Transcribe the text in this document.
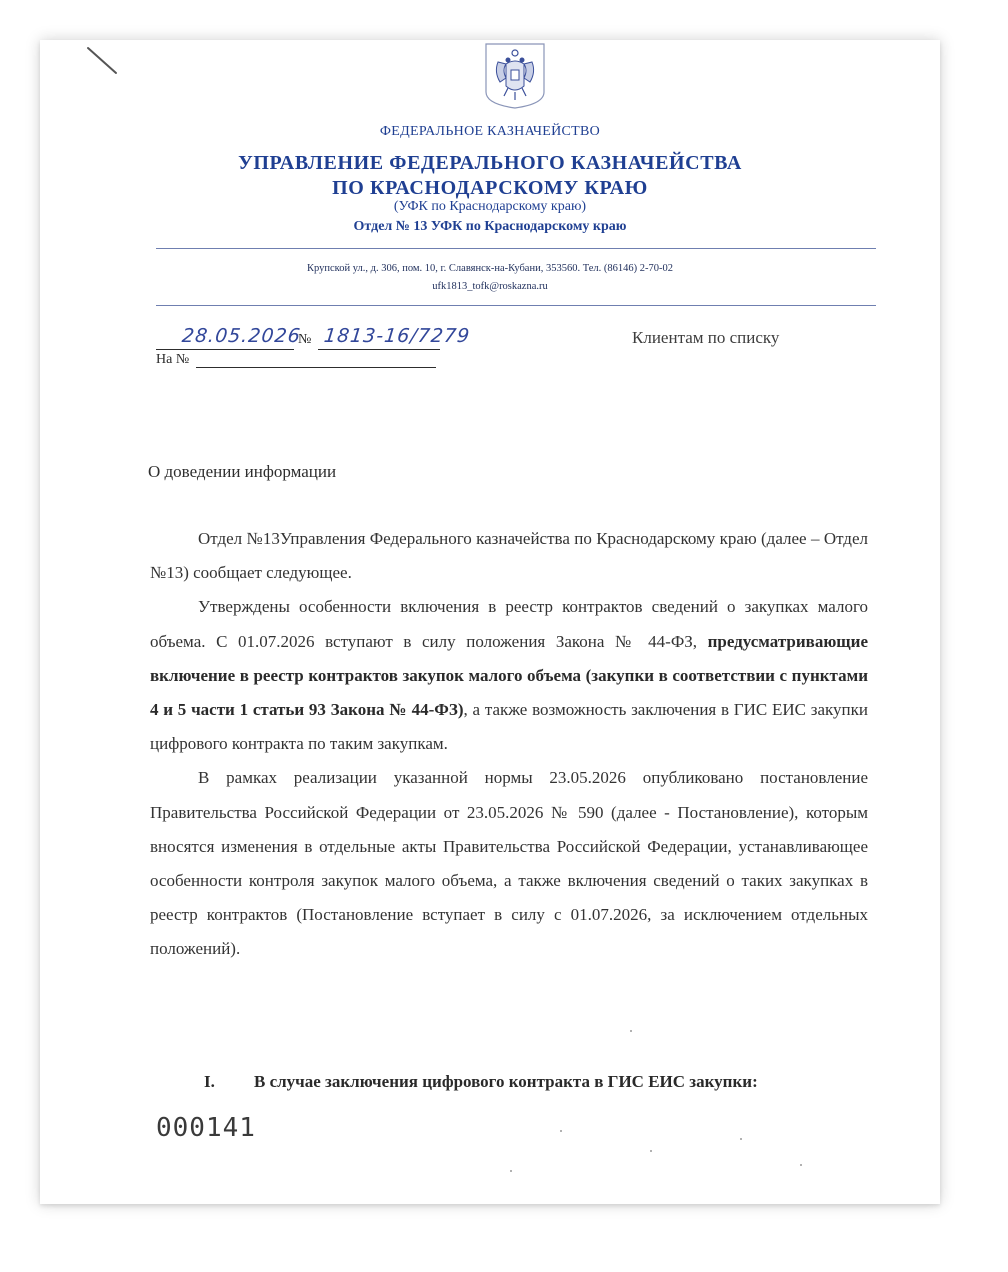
ФЕДЕРАЛЬНОЕ КАЗНАЧЕЙСТВО
УПРАВЛЕНИЕ ФЕДЕРАЛЬНОГО КАЗНАЧЕЙСТВА
ПО КРАСНОДАРСКОМУ КРАЮ
(УФК по Краснодарскому краю)
Отдел № 13 УФК по Краснодарскому краю
Крупской ул., д. 306, пом. 10, г. Славянск-на-Кубани, 353560. Тел. (86146) 2-70-02
ufk1813_tofk@roskazna.ru
28.05.2026
№ 1813-16/7279
На №
Клиентам по списку
О доведении информации

Отдел №13Управления Федерального казначейства по Краснодарскому краю (далее – Отдел №13) сообщает следующее.

Утверждены особенности включения в реестр контрактов сведений о закупках малого объема. С 01.07.2026 вступают в силу положения Закона № 44-ФЗ, предусматривающие включение в реестр контрактов закупок малого объема (закупки в соответствии с пунктами 4 и 5 части 1 статьи 93 Закона № 44-ФЗ), а также возможность заключения в ГИС ЕИС закупки цифрового контракта по таким закупкам.

В рамках реализации указанной нормы 23.05.2026 опубликовано постановление Правительства Российской Федерации от 23.05.2026 № 590 (далее - Постановление), которым вносятся изменения в отдельные акты Правительства Российской Федерации, устанавливающее особенности контроля закупок малого объема, а также включения сведений о таких закупках в реестр контрактов (Постановление вступает в силу с 01.07.2026, за исключением отдельных положений).

I. В случае заключения цифрового контракта в ГИС ЕИС закупки:
000141
